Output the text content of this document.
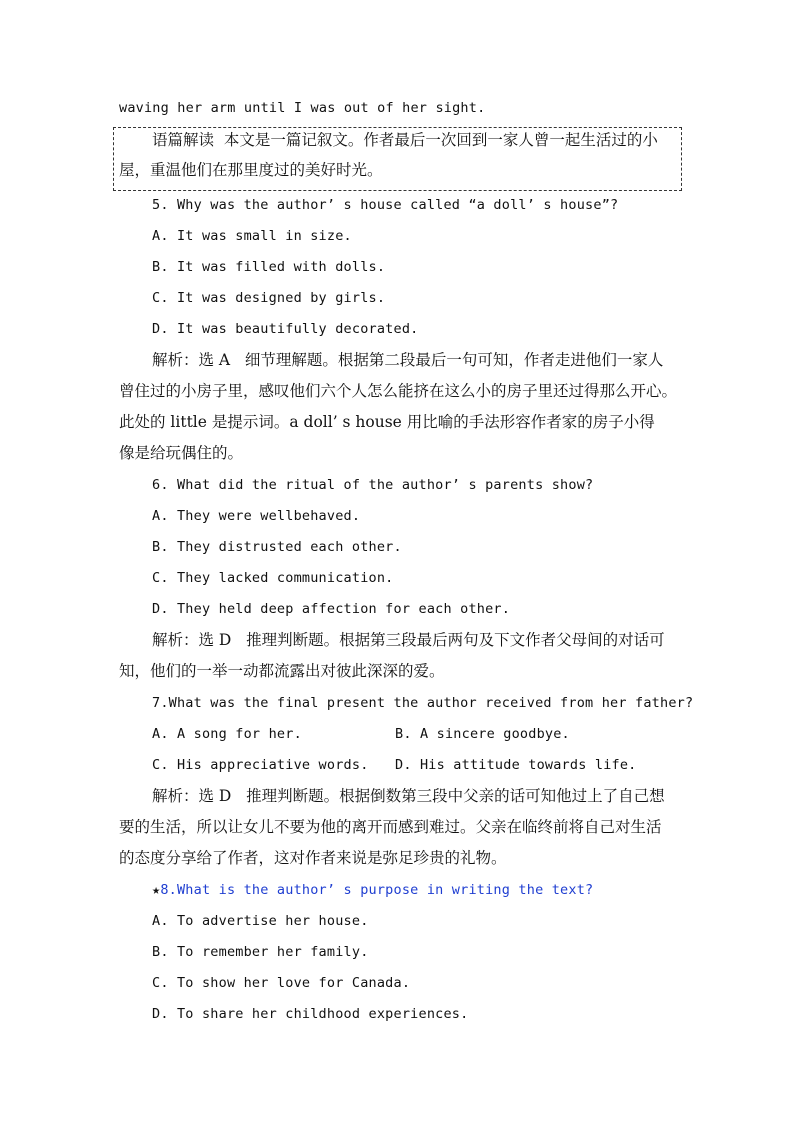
waving her arm until I was out of her sight.
语篇解读  本文是一篇记叙文。作者最后一次回到一家人曾一起生活过的小
屋，重温他们在那里度过的美好时光。
5. Why was the author’ s house called “a doll’ s house”?
A. It was small in size.
B. It was filled with dolls.
C. It was designed by girls.
D. It was beautifully decorated.
解析：选 A   细节理解题。根据第二段最后一句可知，作者走进他们一家人
曾住过的小房子里，感叹他们六个人怎么能挤在这么小的房子里还过得那么开心。
此处的 little 是提示词。a doll’ s house 用比喻的手法形容作者家的房子小得
像是给玩偶住的。
6. What did the ritual of the author’ s parents show?
A. They were wellbehaved.
B. They distrusted each other.
C. They lacked communication.
D. They held deep affection for each other.
解析：选 D   推理判断题。根据第三段最后两句及下文作者父母间的对话可
知，他们的一举一动都流露出对彼此深深的爱。
7.What was the final present the author received from her father?
A. A song for her.	B. A sincere goodbye.
C. His appreciative words.	D. His attitude towards life.
解析：选 D   推理判断题。根据倒数第三段中父亲的话可知他过上了自己想
要的生活，所以让女儿不要为他的离开而感到难过。父亲在临终前将自己对生活
的态度分享给了作者，这对作者来说是弥足珍贵的礼物。
★8.What is the author’ s purpose in writing the text?
A. To advertise her house.
B. To remember her family.
C. To show her love for Canada.
D. To share her childhood experiences.
